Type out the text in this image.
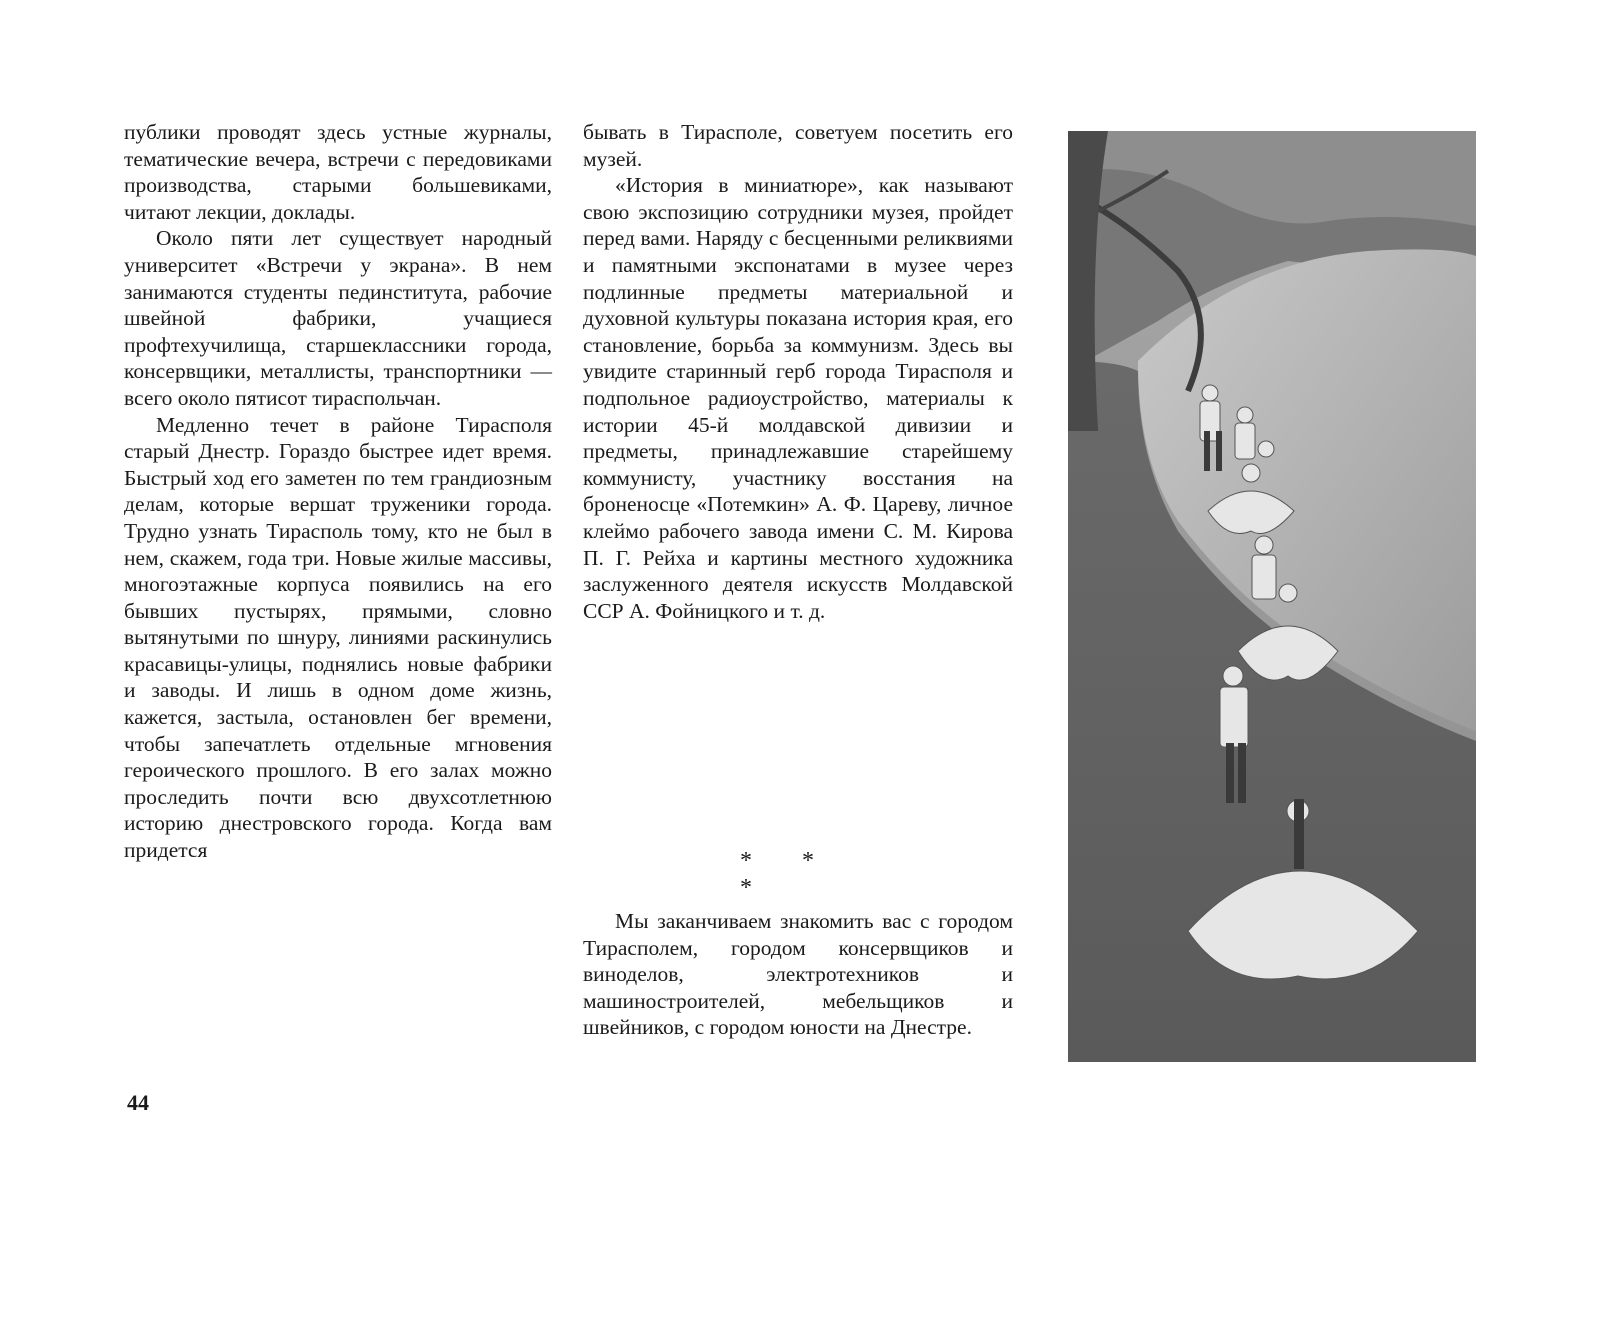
публики проводят здесь устные журналы, тематические вечера, встречи с передовиками производства, старыми большевиками, читают лекции, доклады.

Около пяти лет существует народный университет «Встречи у экрана». В нем занимаются студенты пединститута, рабочие швейной фабрики, учащиеся профтехучилища, старшеклассники города, консервщики, металлисты, транспортники — всего около пятисот тираспольчан.

Медленно течет в районе Тирасполя старый Днестр. Гораздо быстрее идет время. Быстрый ход его заметен по тем грандиозным делам, которые вершат труженики города. Трудно узнать Тирасполь тому, кто не был в нем, скажем, года три. Новые жилые массивы, многоэтажные корпуса появились на его бывших пустырях, прямыми, словно вытянутыми по шнуру, линиями раскинулись красавицы-улицы, поднялись новые фабрики и заводы. И лишь в одном доме жизнь, кажется, застыла, остановлен бег времени, чтобы запечатлеть отдельные мгновения героического прошлого. В его залах можно проследить почти всю двухсотлетнюю историю днестровского города. Когда вам придется

бывать в Тирасполе, советуем посетить его музей.

«История в миниатюре», как называют свою экспозицию сотрудники музея, пройдет перед вами. Наряду с бесценными реликвиями и памятными экспонатами в музее через подлинные предметы материальной и духовной культуры показана история края, его становление, борьба за коммунизм. Здесь вы увидите старинный герб города Тирасполя и подпольное радиоустройство, материалы к истории 45-й молдавской дивизии и предметы, принадлежавшие старейшему коммунисту, участнику восстания на броненосце «Потемкин» А. Ф. Цареву, личное клеймо рабочего завода имени С. М. Кирова П. Г. Рейха и картины местного художника заслуженного деятеля искусств Молдавской ССР А. Фойницкого и т. д.

* * *

Мы заканчиваем знакомить вас с городом Тирасполем, городом консервщиков и виноделов, электротехников и машиностроителей, мебельщиков и швейников, с городом юности на Днестре.

44
